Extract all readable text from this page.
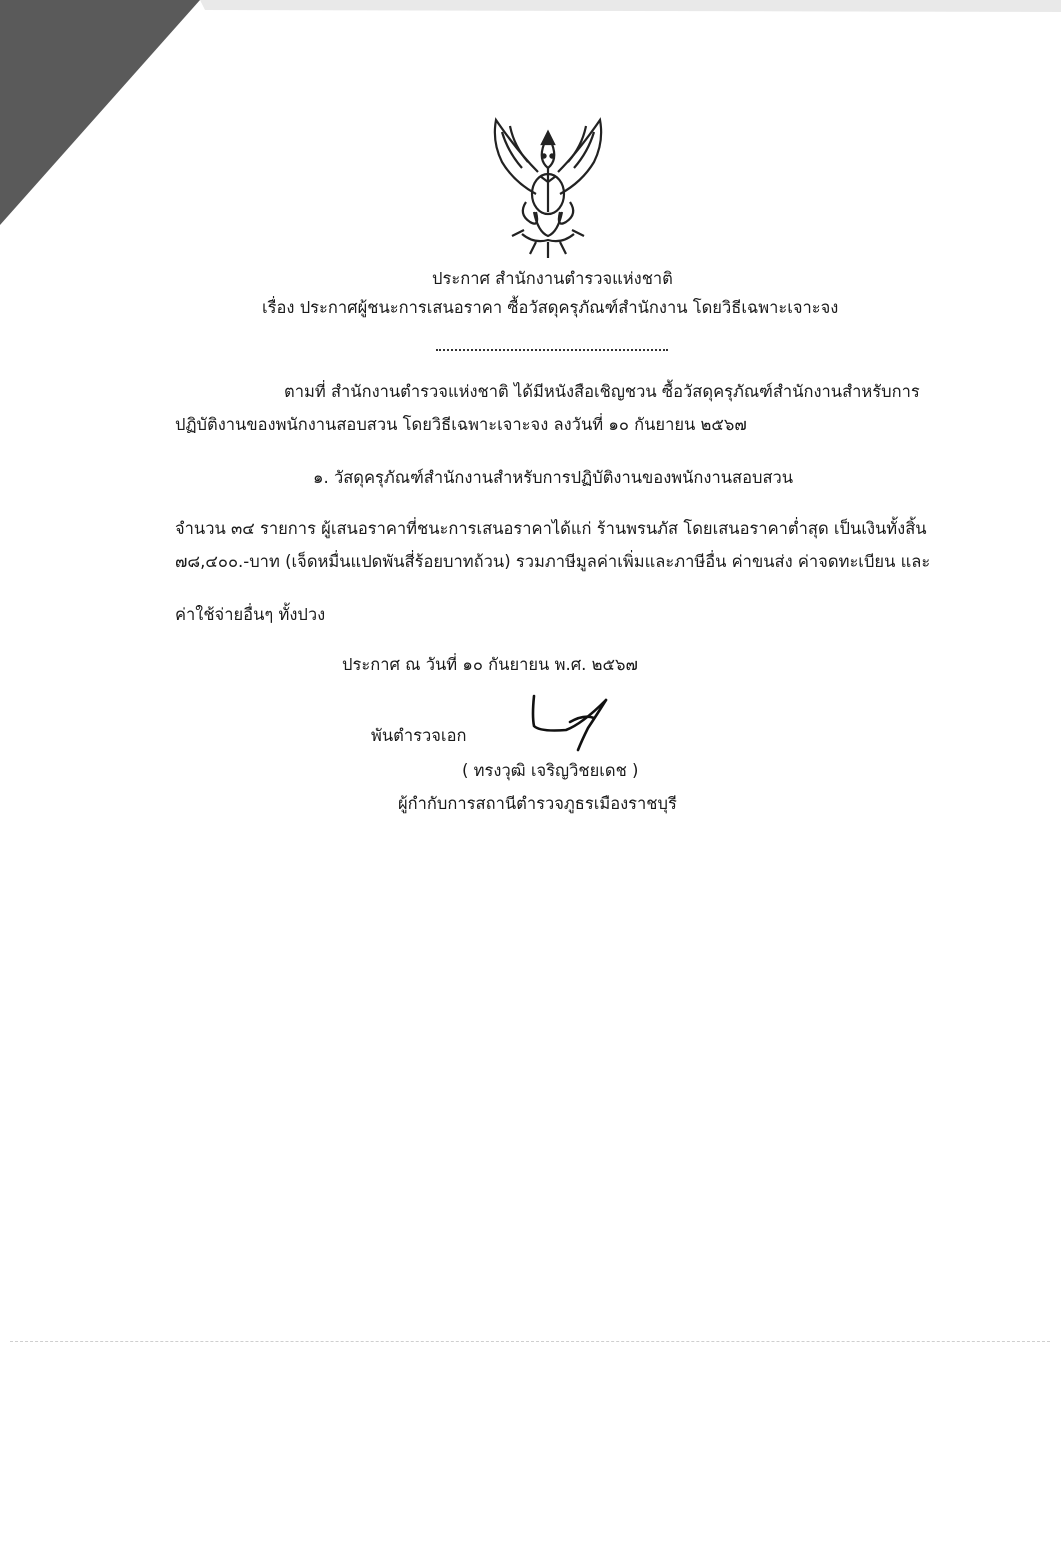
ประกาศ สำนักงานตำรวจแห่งชาติ
เรื่อง ประกาศผู้ชนะการเสนอราคา ซื้อวัสดุครุภัณฑ์สำนักงาน โดยวิธีเฉพาะเจาะจง
ตามที่ สำนักงานตำรวจแห่งชาติ ได้มีหนังสือเชิญชวน ซื้อวัสดุครุภัณฑ์สำนักงานสำหรับการ
ปฏิบัติงานของพนักงานสอบสวน โดยวิธีเฉพาะเจาะจง ลงวันที่ ๑๐ กันยายน ๒๕๖๗
๑. วัสดุครุภัณฑ์สำนักงานสำหรับการปฏิบัติงานของพนักงานสอบสวน
จำนวน ๓๔ รายการ ผู้เสนอราคาที่ชนะการเสนอราคาได้แก่ ร้านพรนภัส โดยเสนอราคาต่ำสุด เป็นเงินทั้งสิ้น
๗๘,๔๐๐.-บาท (เจ็ดหมื่นแปดพันสี่ร้อยบาทถ้วน) รวมภาษีมูลค่าเพิ่มและภาษีอื่น ค่าขนส่ง ค่าจดทะเบียน และ
ค่าใช้จ่ายอื่นๆ ทั้งปวง
ประกาศ ณ วันที่ ๑๐ กันยายน พ.ศ. ๒๕๖๗
พันตำรวจเอก
( ทรงวุฒิ เจริญวิชยเดช )
ผู้กำกับการสถานีตำรวจภูธรเมืองราชบุรี
